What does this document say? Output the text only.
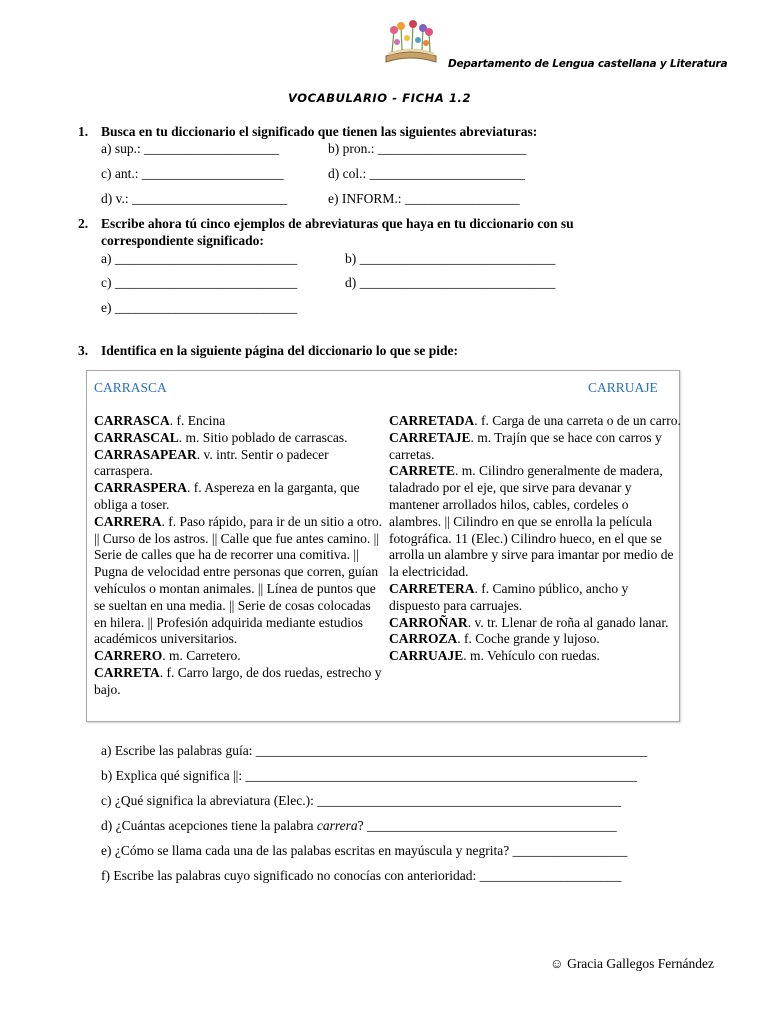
Departamento de Lengua castellana y Literatura
VOCABULARIO - FICHA 1.2
1. Busca en tu diccionario el significado que tienen las siguientes abreviaturas:
a) sup.: ____________________	b) pron.: ______________________
c) ant.: _____________________	d) col.: _______________________
d) v.: _______________________	e) INFORM.: _________________
2. Escribe ahora tú cinco ejemplos de abreviaturas que haya en tu diccionario con su
correspondiente significado:
a) ___________________________	b) _____________________________
c) ___________________________	d) _____________________________
e) ___________________________
3. Identifica en la siguiente página del diccionario lo que se pide:
CARRASCA	CARRUAJE
CARRASCA. f. Encina
CARRASCAL. m. Sitio poblado de carrascas.
CARRASAPEAR. v. intr. Sentir o padecer carraspera.
CARRASPERA. f. Aspereza en la garganta, que obliga a toser.
CARRERA. f. Paso rápido, para ir de un sitio a otro. || Curso de los astros. || Calle que fue antes camino. || Serie de calles que ha de recorrer una comitiva. || Pugna de velocidad entre personas que corren, guían vehículos o montan animales. || Línea de puntos que se sueltan en una media. || Serie de cosas colocadas en hilera. || Profesión adquirida mediante estudios académicos universitarios.
CARRERO. m. Carretero.
CARRETA. f. Carro largo, de dos ruedas, estrecho y bajo.
CARRETADA. f. Carga de una carreta o de un carro.
CARRETAJE. m. Trajín que se hace con carros y carretas.
CARRETE. m. Cilindro generalmente de madera, taladrado por el eje, que sirve para devanar y mantener arrollados hilos, cables, cordeles o alambres. || Cilindro en que se enrolla la película fotográfica. 11 (Elec.) Cilindro hueco, en el que se arrolla un alambre y sirve para imantar por medio de la electricidad.
CARRETERA. f. Camino público, ancho y dispuesto para carruajes.
CARROÑAR. v. tr. Llenar de roña al ganado lanar.
CARROZA. f. Coche grande y lujoso.
CARRUAJE. m. Vehículo con ruedas.
a) Escribe las palabras guía: __________________________________________________________
b) Explica qué significa ||: __________________________________________________________
c) ¿Qué significa la abreviatura (Elec.): _____________________________________________
d) ¿Cuántas acepciones tiene la palabra carrera? _____________________________________
e) ¿Cómo se llama cada una de las palabas escritas en mayúscula y negrita? _________________
f) Escribe las palabras cuyo significado no conocías con anterioridad: _____________________
☺ Gracia Gallegos Fernández
